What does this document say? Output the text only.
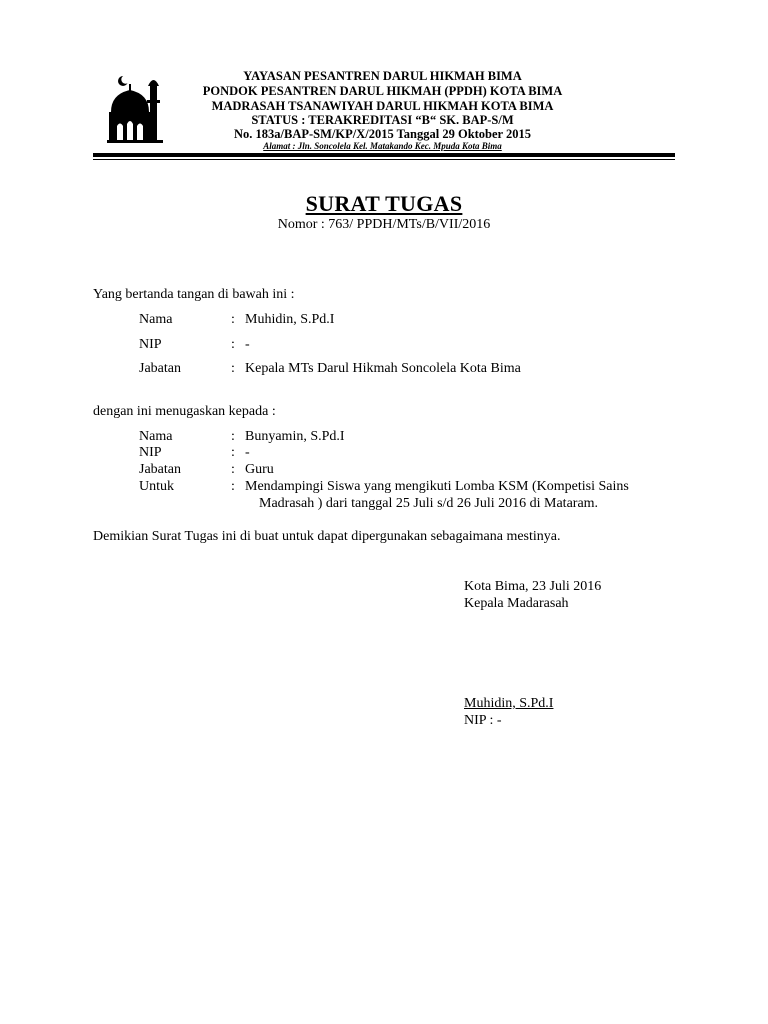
YAYASAN PESANTREN DARUL HIKMAH BIMA
PONDOK PESANTREN DARUL HIKMAH (PPDH) KOTA BIMA
MADRASAH TSANAWIYAH DARUL HIKMAH KOTA BIMA
STATUS : TERAKREDITASI “B“ SK. BAP-S/M
No. 183a/BAP-SM/KP/X/2015 Tanggal 29 Oktober 2015
Alamat : Jln. Soncolela Kel. Matakando Kec. Mpuda Kota Bima
SURAT TUGAS
Nomor : 763/ PPDH/MTs/B/VII/2016
Yang bertanda tangan di bawah ini :
Nama	: Muhidin, S.Pd.I
NIP	: -
Jabatan	: Kepala MTs Darul Hikmah Soncolela Kota Bima
dengan ini menugaskan kepada :
Nama	: Bunyamin, S.Pd.I
NIP	: -
Jabatan	: Guru
Untuk	: Mendampingi Siswa yang mengikuti Lomba KSM (Kompetisi Sains
Madrasah ) dari tanggal 25 Juli s/d 26 Juli 2016 di Mataram.
Demikian Surat Tugas ini di buat untuk dapat dipergunakan sebagaimana mestinya.
Kota Bima, 23 Juli 2016
Kepala Madarasah
Muhidin, S.Pd.I
NIP : -
